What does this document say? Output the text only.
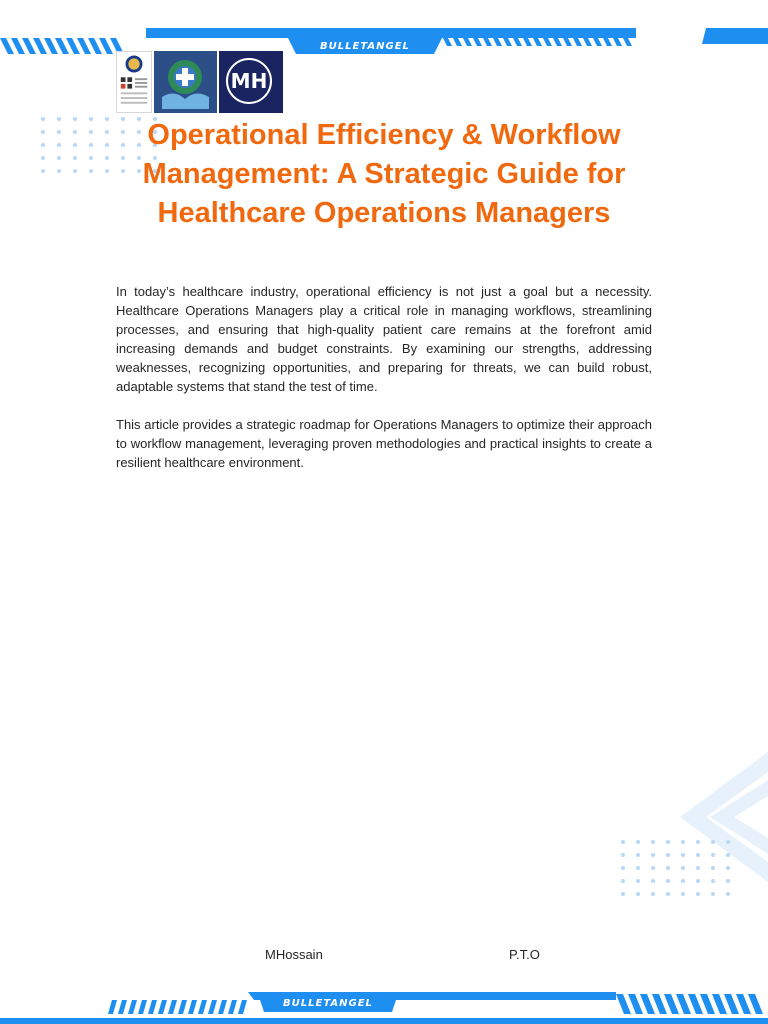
BULLETANGEL
MH
Operational Efficiency & Workflow
Management: A Strategic Guide for
Healthcare Operations Managers

In today’s healthcare industry, operational efficiency is not just a goal but a necessity. Healthcare Operations Managers play a critical role in managing workflows, streamlining processes, and ensuring that high-quality patient care remains at the forefront amid increasing demands and budget constraints. By examining our strengths, addressing weaknesses, recognizing opportunities, and preparing for threats, we can build robust, adaptable systems that stand the test of time.

This article provides a strategic roadmap for Operations Managers to optimize their approach to workflow management, leveraging proven methodologies and practical insights to create a resilient healthcare environment.

MHossain	P.T.O

BULLETANGEL
